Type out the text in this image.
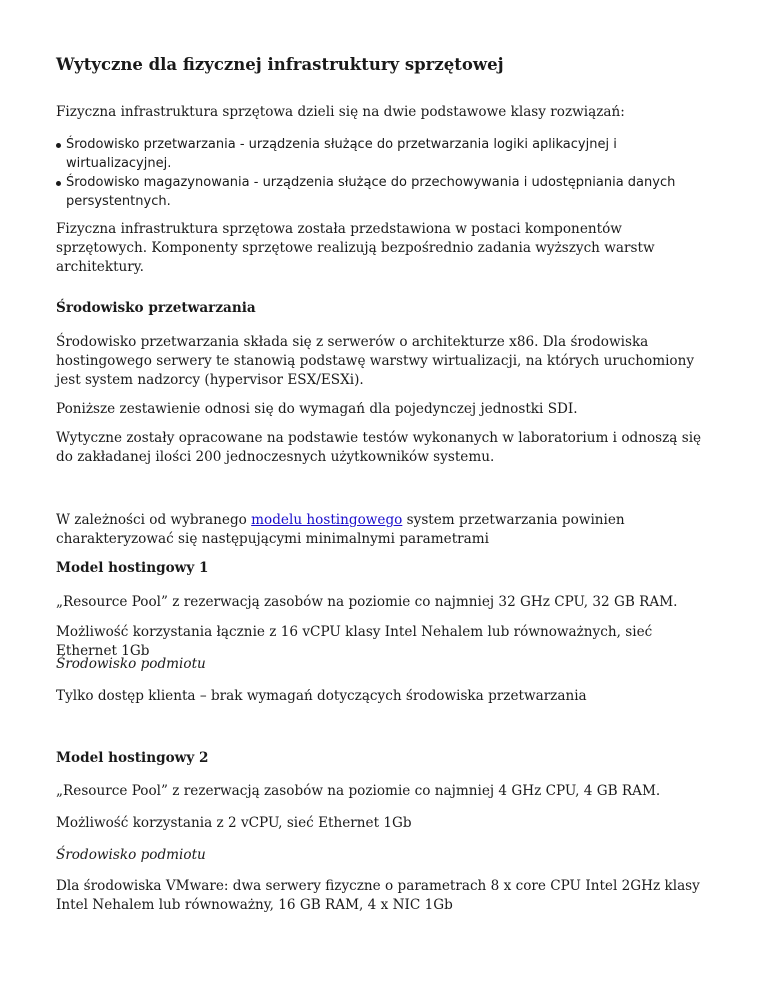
Wytyczne dla fizycznej infrastruktury sprzętowej

Fizyczna infrastruktura sprzętowa dzieli się na dwie podstawowe klasy rozwiązań:

Środowisko przetwarzania - urządzenia służące do przetwarzania logiki aplikacyjnej i wirtualizacyjnej.
Środowisko magazynowania - urządzenia służące do przechowywania i udostępniania danych persystentnych.

Fizyczna infrastruktura sprzętowa została przedstawiona w postaci komponentów sprzętowych. Komponenty sprzętowe realizują bezpośrednio zadania wyższych warstw architektury.

Środowisko przetwarzania

Środowisko przetwarzania składa się z serwerów o architekturze x86. Dla środowiska hostingowego serwery te stanowią podstawę warstwy wirtualizacji, na których uruchomiony jest system nadzorcy (hypervisor ESX/ESXi).

Poniższe zestawienie odnosi się do wymagań dla pojedynczej jednostki SDI.

Wytyczne zostały opracowane na podstawie testów wykonanych w laboratorium i odnoszą się do zakładanej ilości 200 jednoczesnych użytkowników systemu.

W zależności od wybranego modelu hostingowego system przetwarzania powinien charakteryzować się następującymi minimalnymi parametrami

Model hostingowy 1

„Resource Pool” z rezerwacją zasobów na poziomie co najmniej 32 GHz CPU, 32 GB RAM.

Możliwość korzystania łącznie z 16 vCPU klasy Intel Nehalem lub równoważnych, sieć Ethernet 1Gb

Środowisko podmiotu

Tylko dostęp klienta – brak wymagań dotyczących środowiska przetwarzania

Model hostingowy 2

„Resource Pool” z rezerwacją zasobów na poziomie co najmniej 4 GHz CPU, 4 GB RAM.

Możliwość korzystania z 2 vCPU, sieć Ethernet 1Gb

Środowisko podmiotu

Dla środowiska VMware: dwa serwery fizyczne o parametrach 8 x core CPU Intel 2GHz klasy Intel Nehalem lub równoważny, 16 GB RAM, 4 x NIC 1Gb
